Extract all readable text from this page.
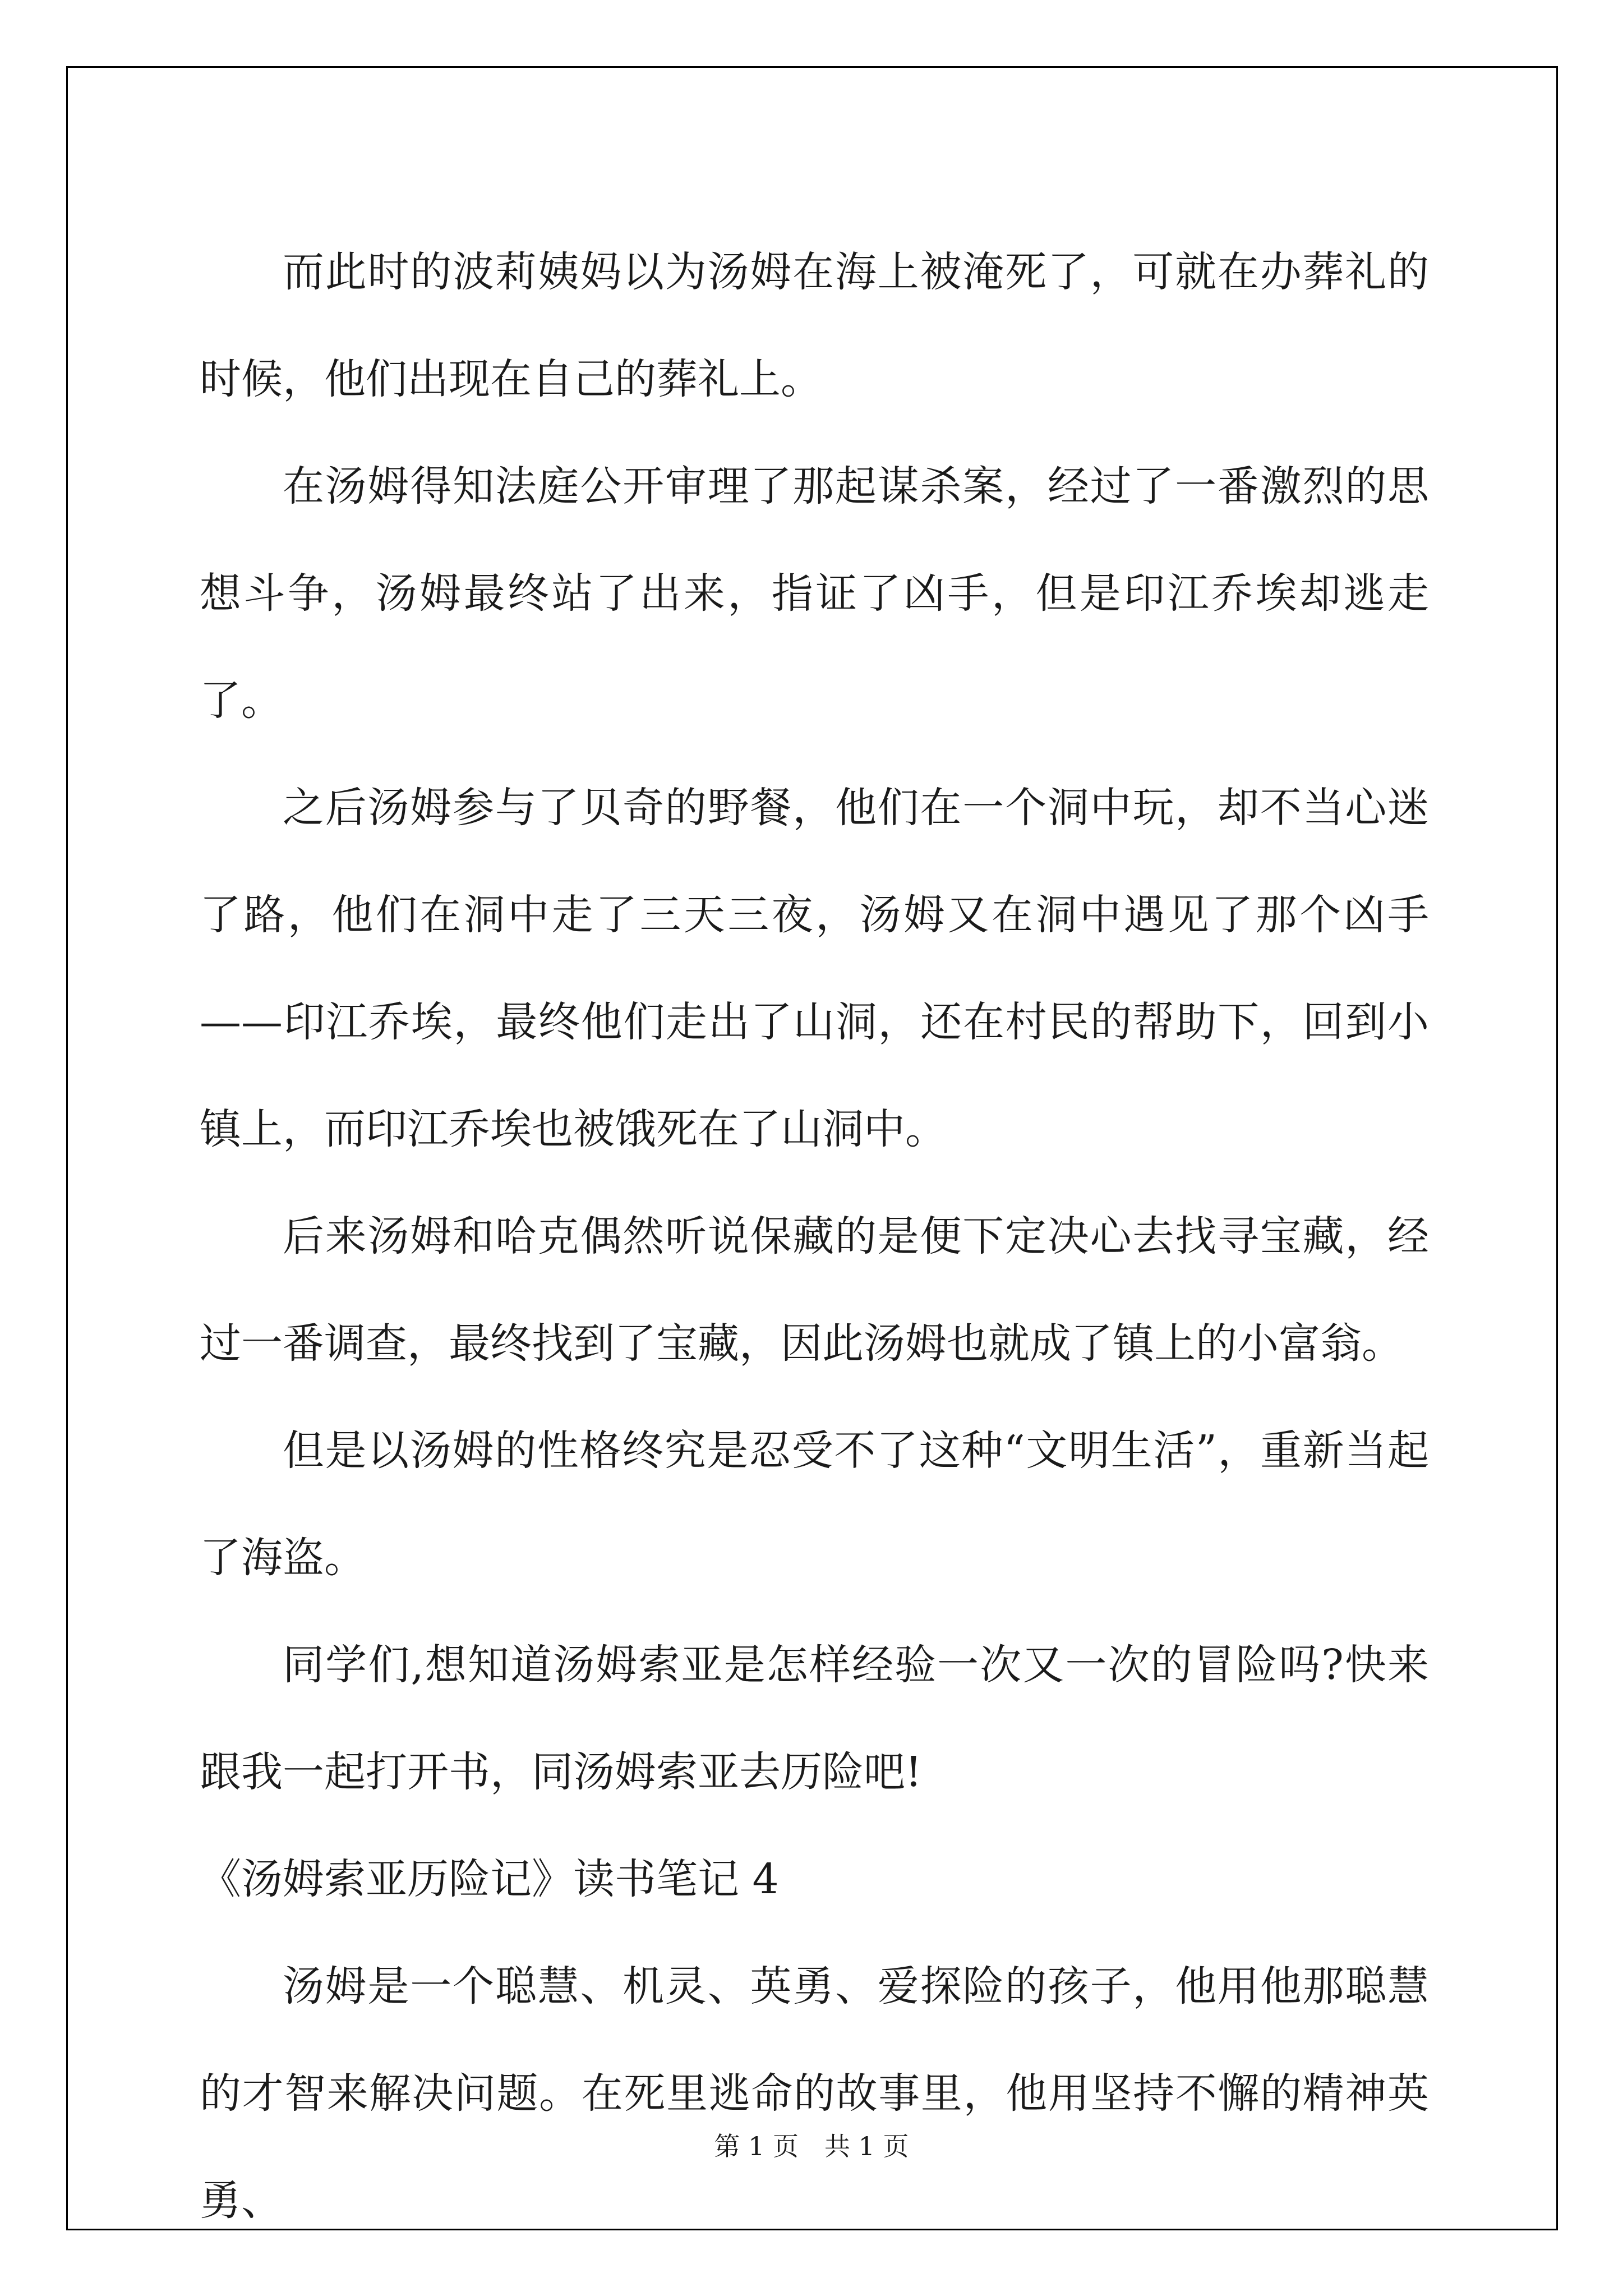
而此时的波莉姨妈以为汤姆在海上被淹死了，可就在办葬礼的时候，他们出现在自己的葬礼上。

在汤姆得知法庭公开审理了那起谋杀案，经过了一番激烈的思想斗争，汤姆最终站了出来，指证了凶手，但是印江乔埃却逃走了。

之后汤姆参与了贝奇的野餐，他们在一个洞中玩，却不当心迷了路，他们在洞中走了三天三夜，汤姆又在洞中遇见了那个凶手——印江乔埃，最终他们走出了山洞，还在村民的帮助下，回到小镇上，而印江乔埃也被饿死在了山洞中。

后来汤姆和哈克偶然听说保藏的是便下定决心去找寻宝藏，经过一番调查，最终找到了宝藏，因此汤姆也就成了镇上的小富翁。

但是以汤姆的性格终究是忍受不了这种“文明生活”，重新当起了海盗。

同学们,想知道汤姆索亚是怎样经验一次又一次的冒险吗?快来跟我一起打开书，同汤姆索亚去历险吧!

《汤姆索亚历险记》读书笔记 4

汤姆是一个聪慧、机灵、英勇、爱探险的孩子，他用他那聪慧的才智来解决问题。在死里逃命的故事里，他用坚持不懈的精神英勇、

第 1 页 共 1 页
